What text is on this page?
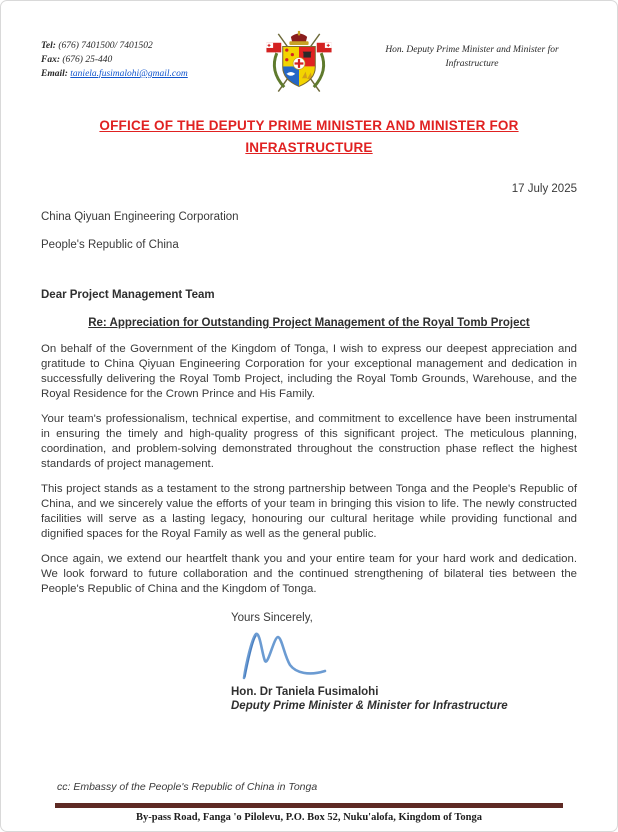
Tel: (676) 7401500/ 7401502
Fax: (676) 25-440
Email: taniela.fusimalohi@gmail.com
Hon. Deputy Prime Minister and Minister for Infrastructure
OFFICE OF THE DEPUTY PRIME MINISTER AND MINISTER FOR INFRASTRUCTURE
17 July 2025

China Qiyuan Engineering Corporation

People's Republic of China

Dear Project Management Team
Re: Appreciation for Outstanding Project Management of the Royal Tomb Project

On behalf of the Government of the Kingdom of Tonga, I wish to express our deepest appreciation and gratitude to China Qiyuan Engineering Corporation for your exceptional management and dedication in successfully delivering the Royal Tomb Project, including the Royal Tomb Grounds, Warehouse, and the Royal Residence for the Crown Prince and His Family.

Your team's professionalism, technical expertise, and commitment to excellence have been instrumental in ensuring the timely and high-quality progress of this significant project. The meticulous planning, coordination, and problem-solving demonstrated throughout the construction phase reflect the highest standards of project management.

This project stands as a testament to the strong partnership between Tonga and the People's Republic of China, and we sincerely value the efforts of your team in bringing this vision to life. The newly constructed facilities will serve as a lasting legacy, honouring our cultural heritage while providing functional and dignified spaces for the Royal Family as well as the general public.

Once again, we extend our heartfelt thank you and your entire team for your hard work and dedication. We look forward to future collaboration and the continued strengthening of bilateral ties between the People's Republic of China and the Kingdom of Tonga.

Yours Sincerely,
Hon. Dr Taniela Fusimalohi
Deputy Prime Minister & Minister for Infrastructure

cc: Embassy of the People's Republic of China in Tonga

By-pass Road, Fanga 'o Pilolevu, P.O. Box 52, Nuku'alofa, Kingdom of Tonga
